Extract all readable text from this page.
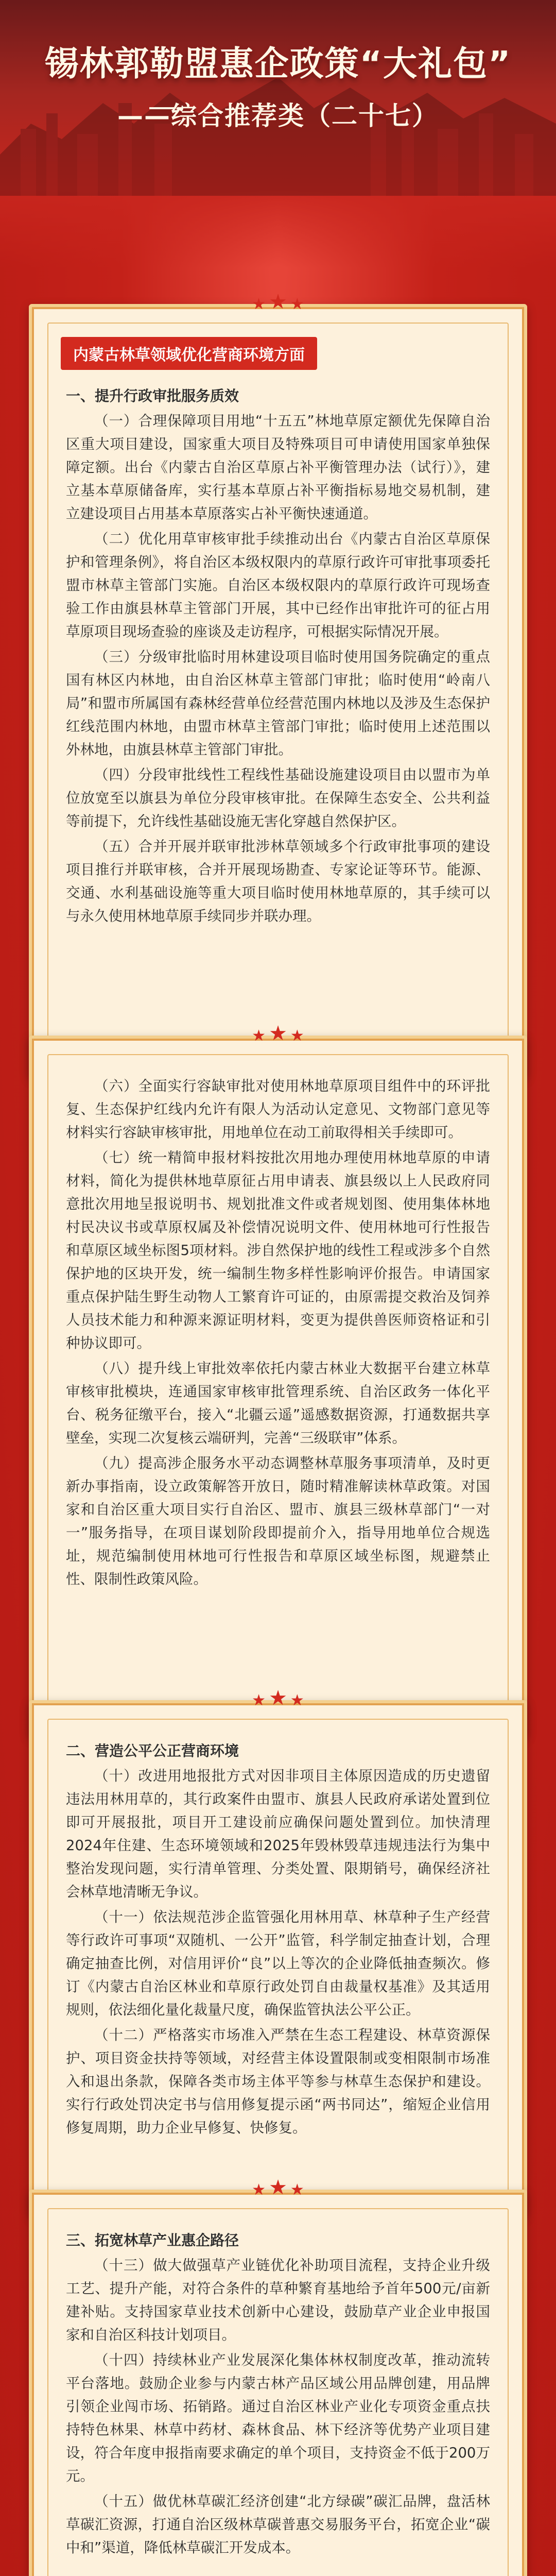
锡林郭勒盟惠企政策“大礼包”
——综合推荐类（二十七）
★ ★ ★
内蒙古林草领域优化营商环境方面
一、提升行政审批服务质效

（一）合理保障项目用地“十五五”林地草原定额优先保障自治区重大项目建设，国家重大项目及特殊项目可申请使用国家单独保障定额。出台《内蒙古自治区草原占补平衡管理办法（试行）》，建立基本草原储备库，实行基本草原占补平衡指标易地交易机制，建立建设项目占用基本草原落实占补平衡快速通道。

（二）优化用草审核审批手续推动出台《内蒙古自治区草原保护和管理条例》，将自治区本级权限内的草原行政许可审批事项委托盟市林草主管部门实施。自治区本级权限内的草原行政许可现场查验工作由旗县林草主管部门开展，其中已经作出审批许可的征占用草原项目现场查验的座谈及走访程序，可根据实际情况开展。

（三）分级审批临时用林建设项目临时使用国务院确定的重点国有林区内林地，由自治区林草主管部门审批；临时使用“岭南八局”和盟市所属国有森林经营单位经营范围内林地以及涉及生态保护红线范围内林地，由盟市林草主管部门审批；临时使用上述范围以外林地，由旗县林草主管部门审批。

（四）分段审批线性工程线性基础设施建设项目由以盟市为单位放宽至以旗县为单位分段审核审批。在保障生态安全、公共利益等前提下，允许线性基础设施无害化穿越自然保护区。

（五）合并开展并联审批涉林草领域多个行政审批事项的建设项目推行并联审核，合并开展现场勘查、专家论证等环节。能源、交通、水利基础设施等重大项目临时使用林地草原的，其手续可以与永久使用林地草原手续同步并联办理。

★ ★ ★

（六）全面实行容缺审批对使用林地草原项目组件中的环评批复、生态保护红线内允许有限人为活动认定意见、文物部门意见等材料实行容缺审核审批，用地单位在动工前取得相关手续即可。

（七）统一精简申报材料按批次用地办理使用林地草原的申请材料，简化为提供林地草原征占用申请表、旗县级以上人民政府同意批次用地呈报说明书、规划批准文件或者规划图、使用集体林地村民决议书或草原权属及补偿情况说明文件、使用林地可行性报告和草原区域坐标图5项材料。涉自然保护地的线性工程或涉多个自然保护地的区块开发，统一编制生物多样性影响评价报告。申请国家重点保护陆生野生动物人工繁育许可证的，由原需提交救治及饲养人员技术能力和种源来源证明材料，变更为提供兽医师资格证和引种协议即可。

（八）提升线上审批效率依托内蒙古林业大数据平台建立林草审核审批模块，连通国家审核审批管理系统、自治区政务一体化平台、税务征缴平台，接入“北疆云遥”遥感数据资源，打通数据共享壁垒，实现二次复核云端研判，完善“三级联审”体系。

（九）提高涉企服务水平动态调整林草服务事项清单，及时更新办事指南，设立政策解答开放日，随时精准解读林草政策。对国家和自治区重大项目实行自治区、盟市、旗县三级林草部门“一对一”服务指导，在项目谋划阶段即提前介入，指导用地单位合规选址，规范编制使用林地可行性报告和草原区域坐标图，规避禁止性、限制性政策风险。

★ ★ ★
二、营造公平公正营商环境

（十）改进用地报批方式对因非项目主体原因造成的历史遗留违法用林用草的，其行政案件由盟市、旗县人民政府承诺处置到位即可开展报批，项目开工建设前应确保问题处置到位。加快清理2024年住建、生态环境领域和2025年毁林毁草违规违法行为集中整治发现问题，实行清单管理、分类处置、限期销号，确保经济社会林草地清晰无争议。

（十一）依法规范涉企监管强化用林用草、林草种子生产经营等行政许可事项“双随机、一公开”监管，科学制定抽查计划，合理确定抽查比例，对信用评价“良”以上等次的企业降低抽查频次。修订《内蒙古自治区林业和草原行政处罚自由裁量权基准》及其适用规则，依法细化量化裁量尺度，确保监管执法公平公正。

（十二）严格落实市场准入严禁在生态工程建设、林草资源保护、项目资金扶持等领域，对经营主体设置限制或变相限制市场准入和退出条款，保障各类市场主体平等参与林草生态保护和建设。实行行政处罚决定书与信用修复提示函“两书同达”，缩短企业信用修复周期，助力企业早修复、快修复。

★ ★ ★
三、拓宽林草产业惠企路径

（十三）做大做强草产业链优化补助项目流程，支持企业升级工艺、提升产能，对符合条件的草种繁育基地给予首年500元/亩新建补贴。支持国家草业技术创新中心建设，鼓励草产业企业申报国家和自治区科技计划项目。

（十四）持续林业产业发展深化集体林权制度改革，推动流转平台落地。鼓励企业参与内蒙古林产品区域公用品牌创建，用品牌引领企业闯市场、拓销路。通过自治区林业产业化专项资金重点扶持特色林果、林草中药材、森林食品、林下经济等优势产业项目建设，符合年度申报指南要求确定的单个项目，支持资金不低于200万元。

（十五）做优林草碳汇经济创建“北方绿碳”碳汇品牌，盘活林草碳汇资源，打通自治区级林草碳普惠交易服务平台，拓宽企业“碳中和”渠道，降低林草碳汇开发成本。
